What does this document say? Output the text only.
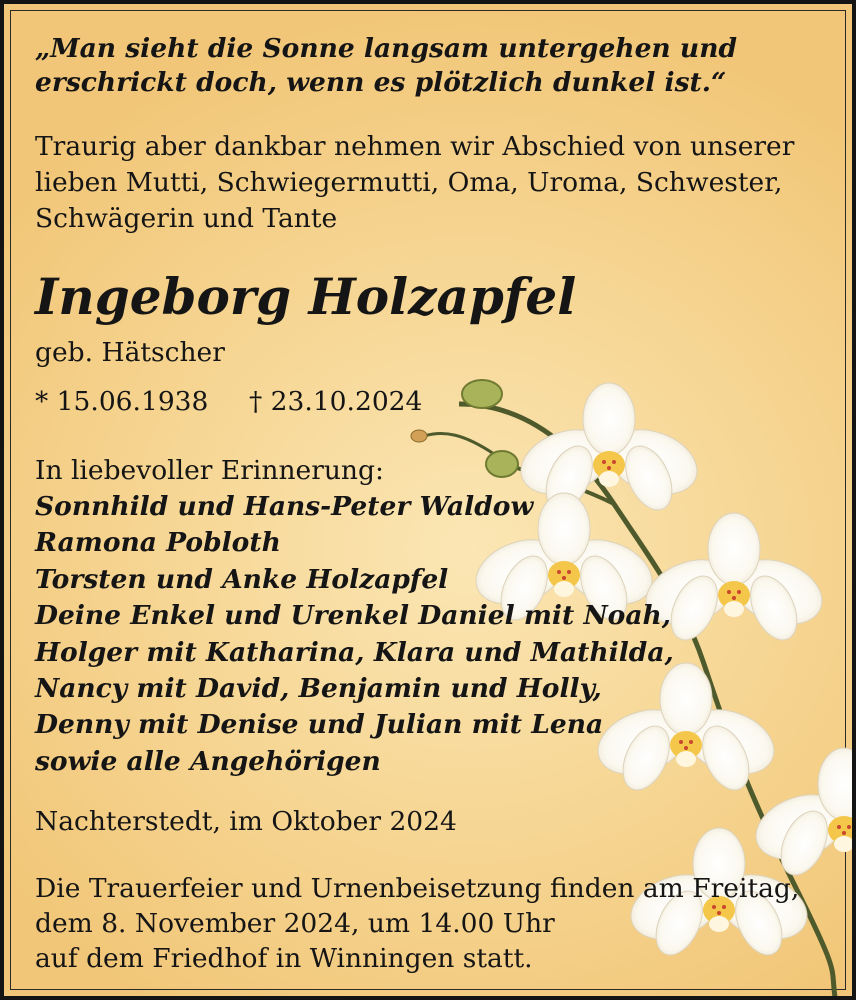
„Man sieht die Sonne langsam untergehen und

erschrickt doch, wenn es plötzlich dunkel ist.“

Traurig aber dankbar nehmen wir Abschied von unserer

lieben Mutti, Schwiegermutti, Oma, Uroma, Schwester,

Schwägerin und Tante

Ingeborg Holzapfel

geb. Hätscher

* 15.06.1938 † 23.10.2024

In liebevoller Erinnerung:

Sonnhild und Hans-Peter Waldow

Ramona Pobloth

Torsten und Anke Holzapfel

Deine Enkel und Urenkel Daniel mit Noah,

Holger mit Katharina, Klara und Mathilda,

Nancy mit David, Benjamin und Holly,

Denny mit Denise und Julian mit Lena

sowie alle Angehörigen

Nachterstedt, im Oktober 2024

Die Trauerfeier und Urnenbeisetzung finden am Freitag,

dem 8. November 2024, um 14.00 Uhr

auf dem Friedhof in Winningen statt.
